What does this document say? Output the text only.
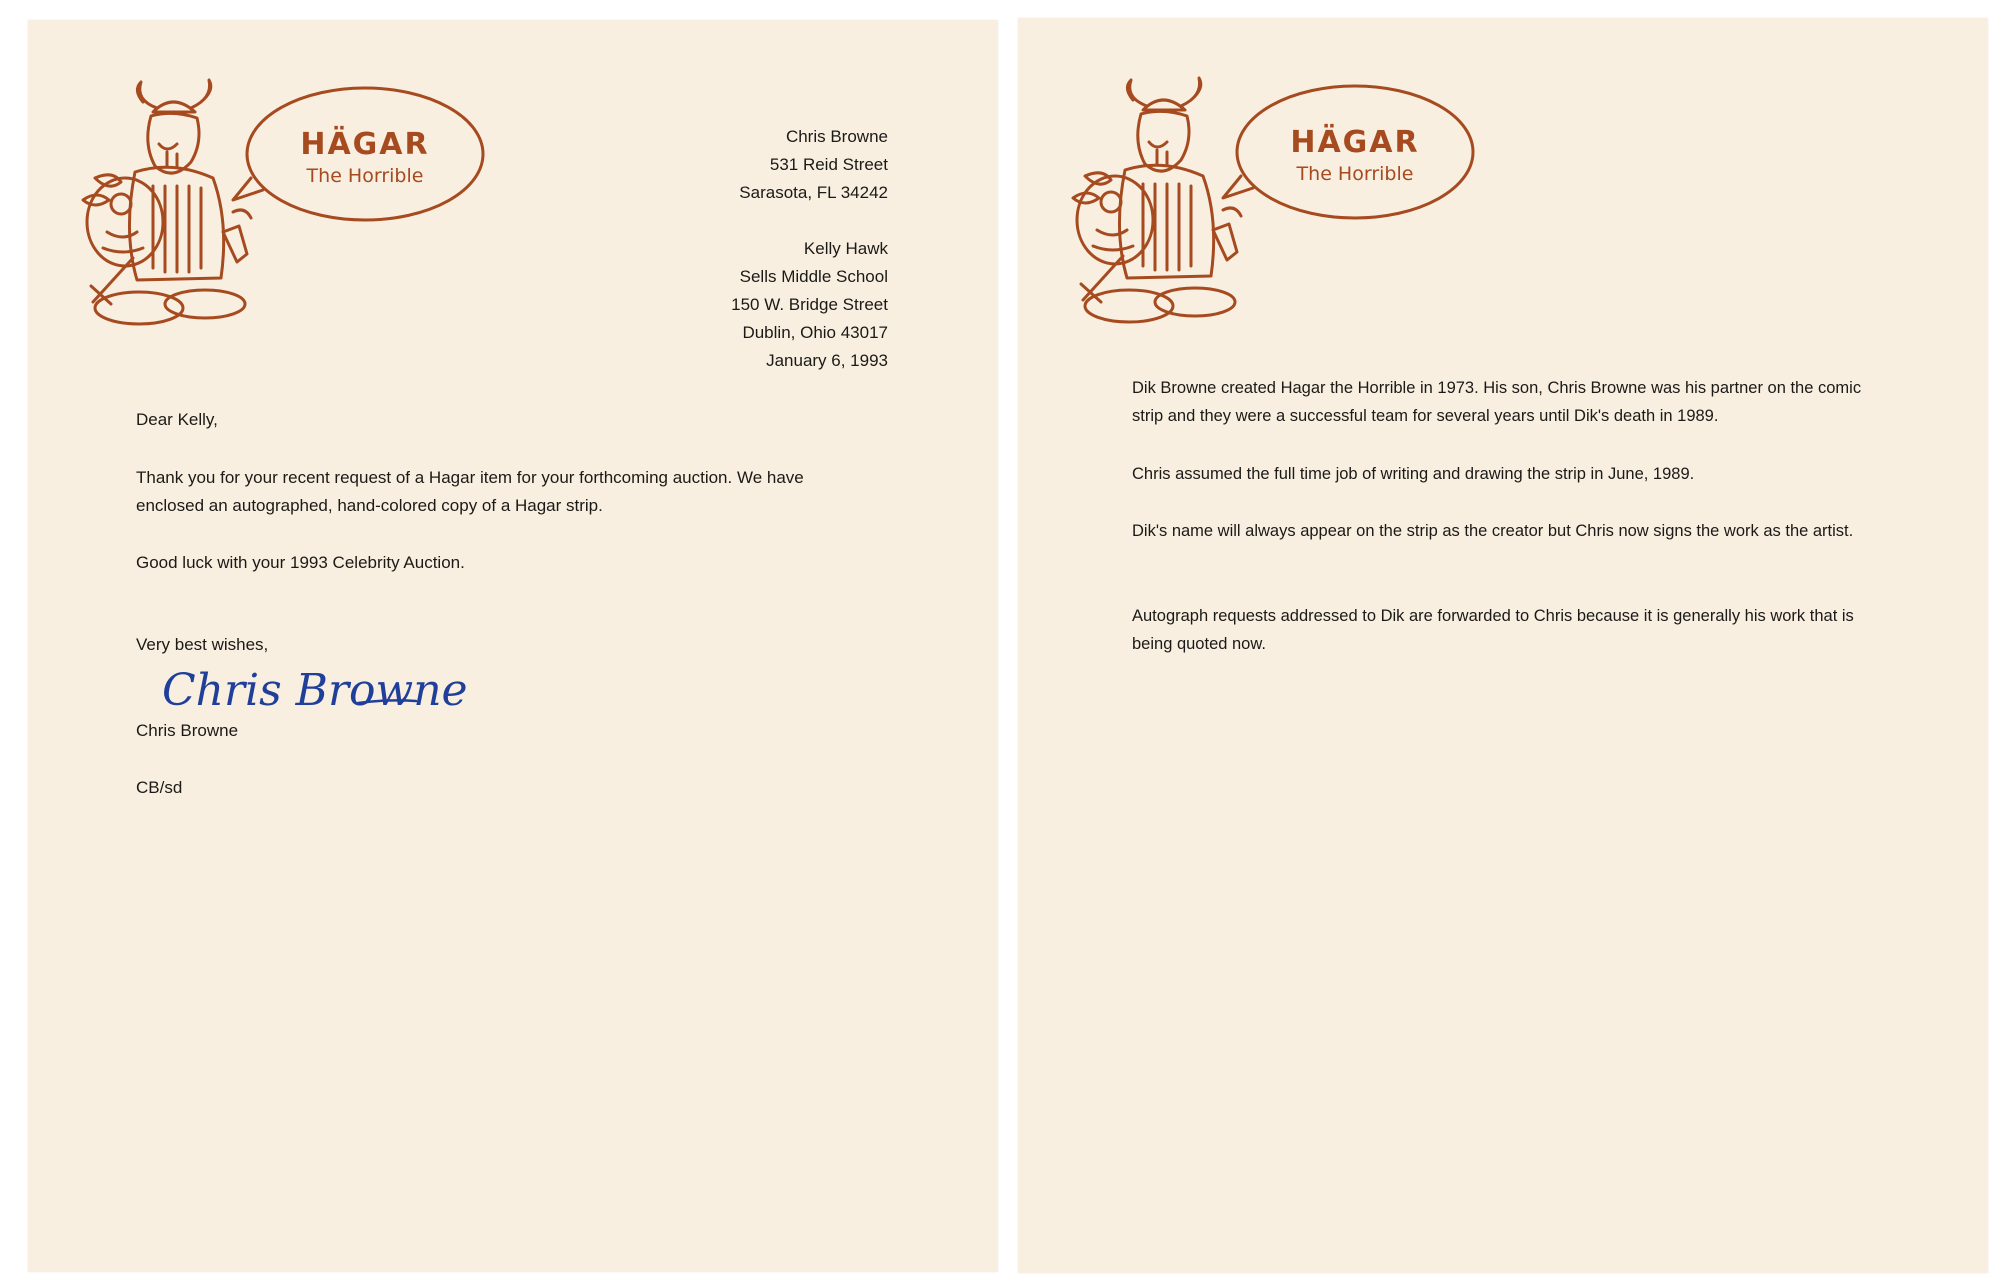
HÄGAR
The Horrible
Chris Browne
531 Reid Street
Sarasota, FL 34242
Kelly Hawk
Sells Middle School
150 W. Bridge Street
Dublin, Ohio 43017
January 6, 1993

Dear Kelly,

Thank you for your recent request of a Hagar item for your forthcoming auction. We have enclosed an autographed, hand-colored copy of a Hagar strip.

Good luck with your 1993 Celebrity Auction.

Very best wishes,

Chris Browne

Chris Browne

CB/sd

HÄGAR
The Horrible

Dik Browne created Hagar the Horrible in 1973. His son, Chris Browne was his partner on the comic strip and they were a successful team for several years until Dik's death in 1989.

Chris assumed the full time job of writing and drawing the strip in June, 1989.

Dik's name will always appear on the strip as the creator but Chris now signs the work as the artist.

Autograph requests addressed to Dik are forwarded to Chris because it is generally his work that is being quoted now.
